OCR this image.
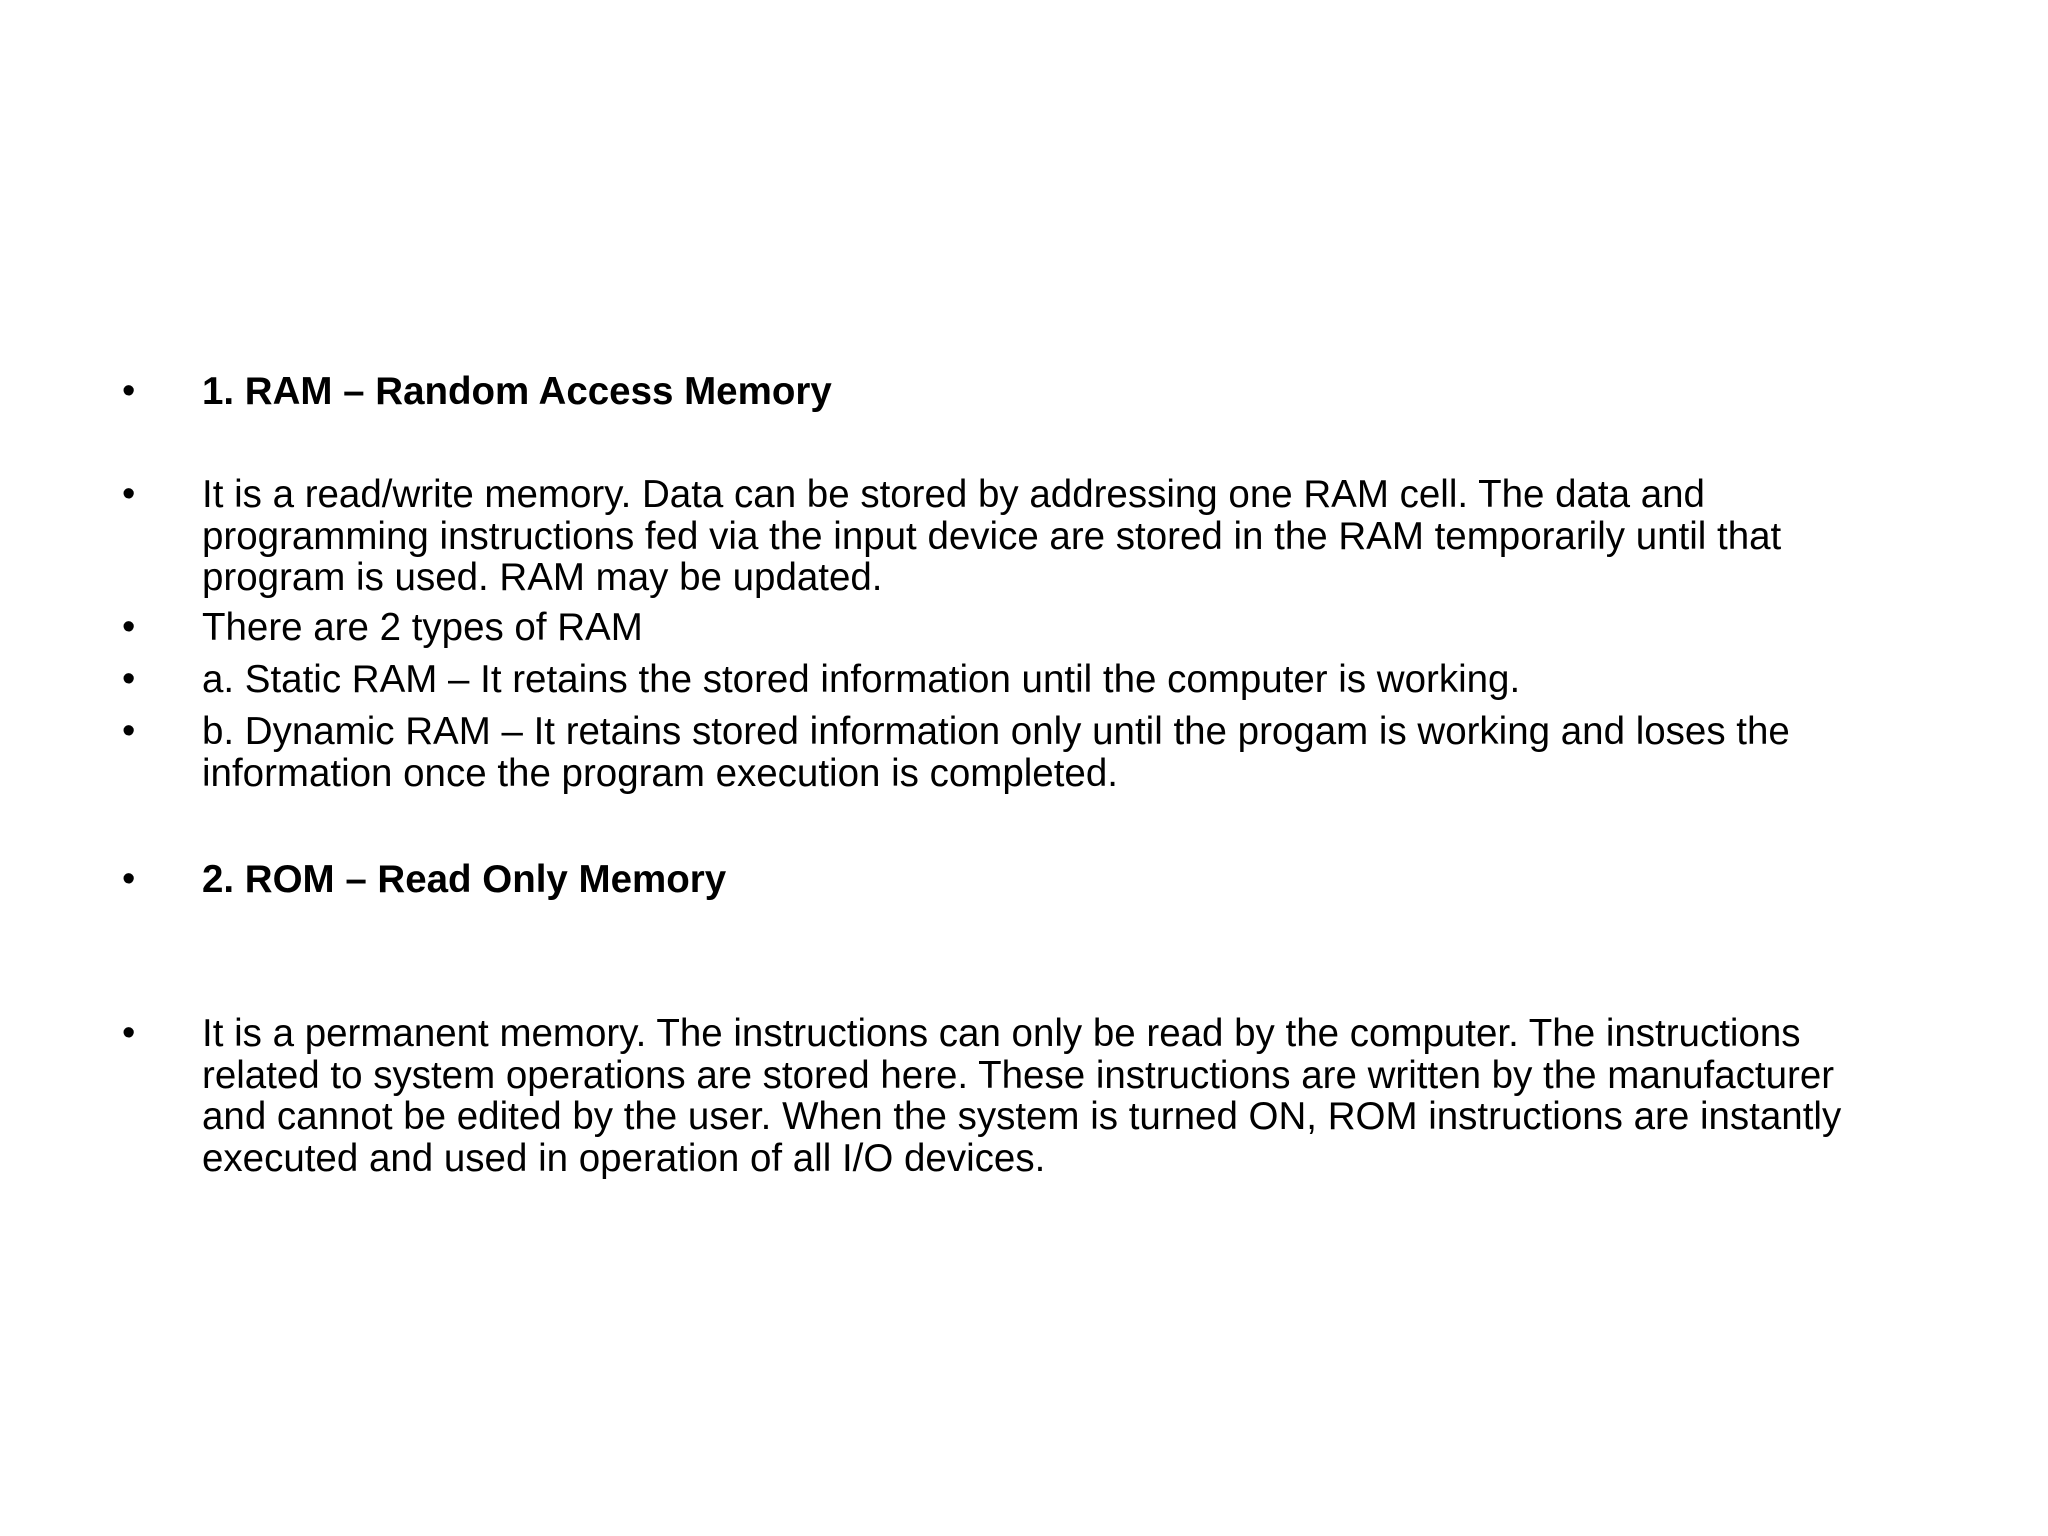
• 1. RAM – Random Access Memory
• It is a read/write memory. Data can be stored by addressing one RAM cell. The data and
programming instructions fed via the input device are stored in the RAM temporarily until that
program is used. RAM may be updated.
• There are 2 types of RAM
• a. Static RAM – It retains the stored information until the computer is working.
• b. Dynamic RAM – It retains stored information only until the progam is working and loses the
information once the program execution is completed.
• 2. ROM – Read Only Memory
• It is a permanent memory. The instructions can only be read by the computer. The instructions
related to system operations are stored here. These instructions are written by the manufacturer
and cannot be edited by the user. When the system is turned ON, ROM instructions are instantly
executed and used in operation of all I/O devices.
